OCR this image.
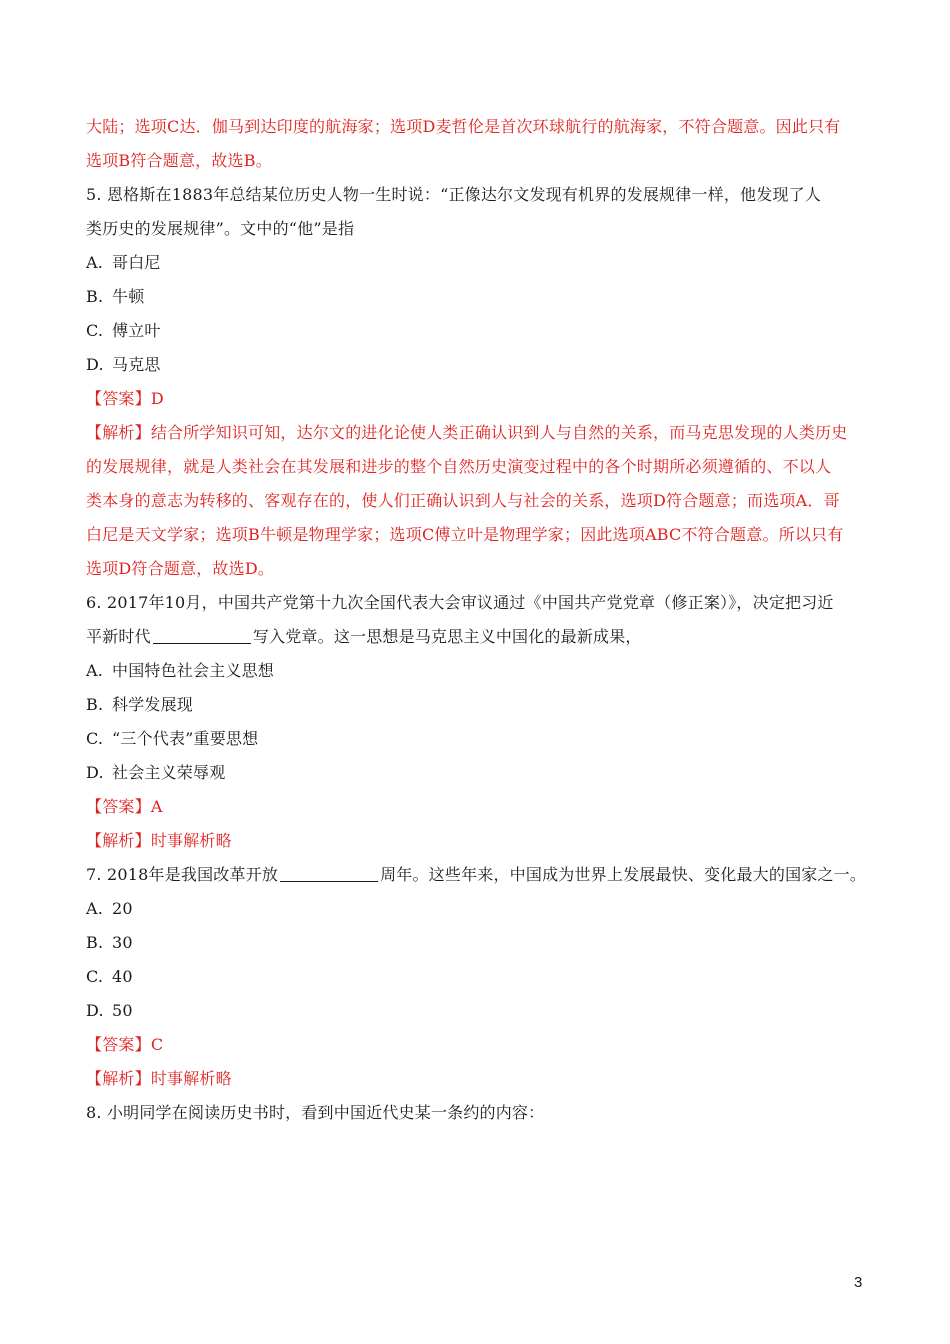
大陆；选项C达．伽马到达印度的航海家；选项D麦哲伦是首次环球航行的航海家，不符合题意。因此只有
选项B符合题意，故选B。
5. 恩格斯在1883年总结某位历史人物一生时说：“正像达尔文发现有机界的发展规律一样，他发现了人
类历史的发展规律”。文中的“他”是指
A. 哥白尼
B. 牛顿
C. 傅立叶
D. 马克思
【答案】D
【解析】结合所学知识可知，达尔文的进化论使人类正确认识到人与自然的关系，而马克思发现的人类历史
的发展规律，就是人类社会在其发展和进步的整个自然历史演变过程中的各个时期所必须遵循的、不以人
类本身的意志为转移的、客观存在的，使人们正确认识到人与社会的关系，选项D符合题意；而选项A．哥
白尼是天文学家；选项B牛顿是物理学家；选项C傅立叶是物理学家；因此选项ABC不符合题意。所以只有
选项D符合题意，故选D。
6. 2017年10月，中国共产党第十九次全国代表大会审议通过《中国共产党党章（修正案）》，决定把习近
平新时代	写入党章。这一思想是马克思主义中国化的最新成果，
A. 中国特色社会主义思想
B. 科学发展现
C. “三个代表”重要思想
D. 社会主义荣辱观
【答案】A
【解析】时事解析略
7. 2018年是我国改革开放	周年。这些年来，中国成为世界上发展最快、变化最大的国家之一。
A. 20
B. 30
C. 40
D. 50
【答案】C
【解析】时事解析略
8. 小明同学在阅读历史书时，看到中国近代史某一条约的内容：
3
